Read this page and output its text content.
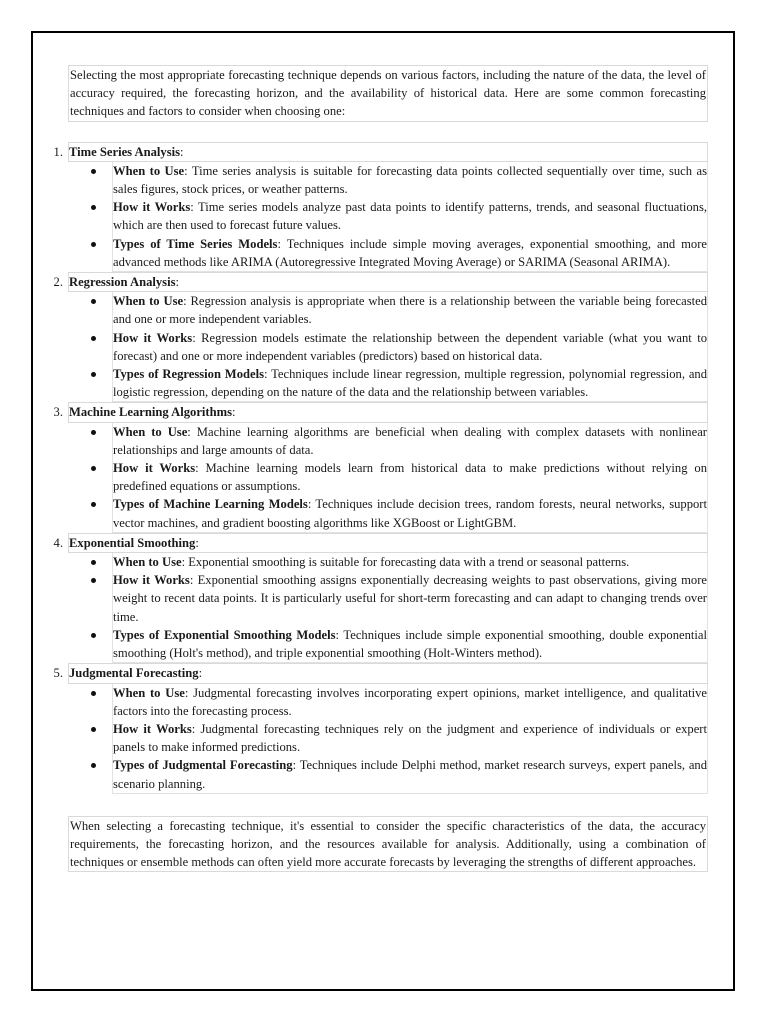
Selecting the most appropriate forecasting technique depends on various factors, including the nature of the data, the level of accuracy required, the forecasting horizon, and the availability of historical data. Here are some common forecasting techniques and factors to consider when choosing one:
1. Time Series Analysis:
When to Use: Time series analysis is suitable for forecasting data points collected sequentially over time, such as sales figures, stock prices, or weather patterns.
How it Works: Time series models analyze past data points to identify patterns, trends, and seasonal fluctuations, which are then used to forecast future values.
Types of Time Series Models: Techniques include simple moving averages, exponential smoothing, and more advanced methods like ARIMA (Autoregressive Integrated Moving Average) or SARIMA (Seasonal ARIMA).
2. Regression Analysis:
When to Use: Regression analysis is appropriate when there is a relationship between the variable being forecasted and one or more independent variables.
How it Works: Regression models estimate the relationship between the dependent variable (what you want to forecast) and one or more independent variables (predictors) based on historical data.
Types of Regression Models: Techniques include linear regression, multiple regression, polynomial regression, and logistic regression, depending on the nature of the data and the relationship between variables.
3. Machine Learning Algorithms:
When to Use: Machine learning algorithms are beneficial when dealing with complex datasets with nonlinear relationships and large amounts of data.
How it Works: Machine learning models learn from historical data to make predictions without relying on predefined equations or assumptions.
Types of Machine Learning Models: Techniques include decision trees, random forests, neural networks, support vector machines, and gradient boosting algorithms like XGBoost or LightGBM.
4. Exponential Smoothing:
When to Use: Exponential smoothing is suitable for forecasting data with a trend or seasonal patterns.
How it Works: Exponential smoothing assigns exponentially decreasing weights to past observations, giving more weight to recent data points. It is particularly useful for short-term forecasting and can adapt to changing trends over time.
Types of Exponential Smoothing Models: Techniques include simple exponential smoothing, double exponential smoothing (Holt's method), and triple exponential smoothing (Holt-Winters method).
5. Judgmental Forecasting:
When to Use: Judgmental forecasting involves incorporating expert opinions, market intelligence, and qualitative factors into the forecasting process.
How it Works: Judgmental forecasting techniques rely on the judgment and experience of individuals or expert panels to make informed predictions.
Types of Judgmental Forecasting: Techniques include Delphi method, market research surveys, expert panels, and scenario planning.
When selecting a forecasting technique, it's essential to consider the specific characteristics of the data, the accuracy requirements, the forecasting horizon, and the resources available for analysis. Additionally, using a combination of techniques or ensemble methods can often yield more accurate forecasts by leveraging the strengths of different approaches.
